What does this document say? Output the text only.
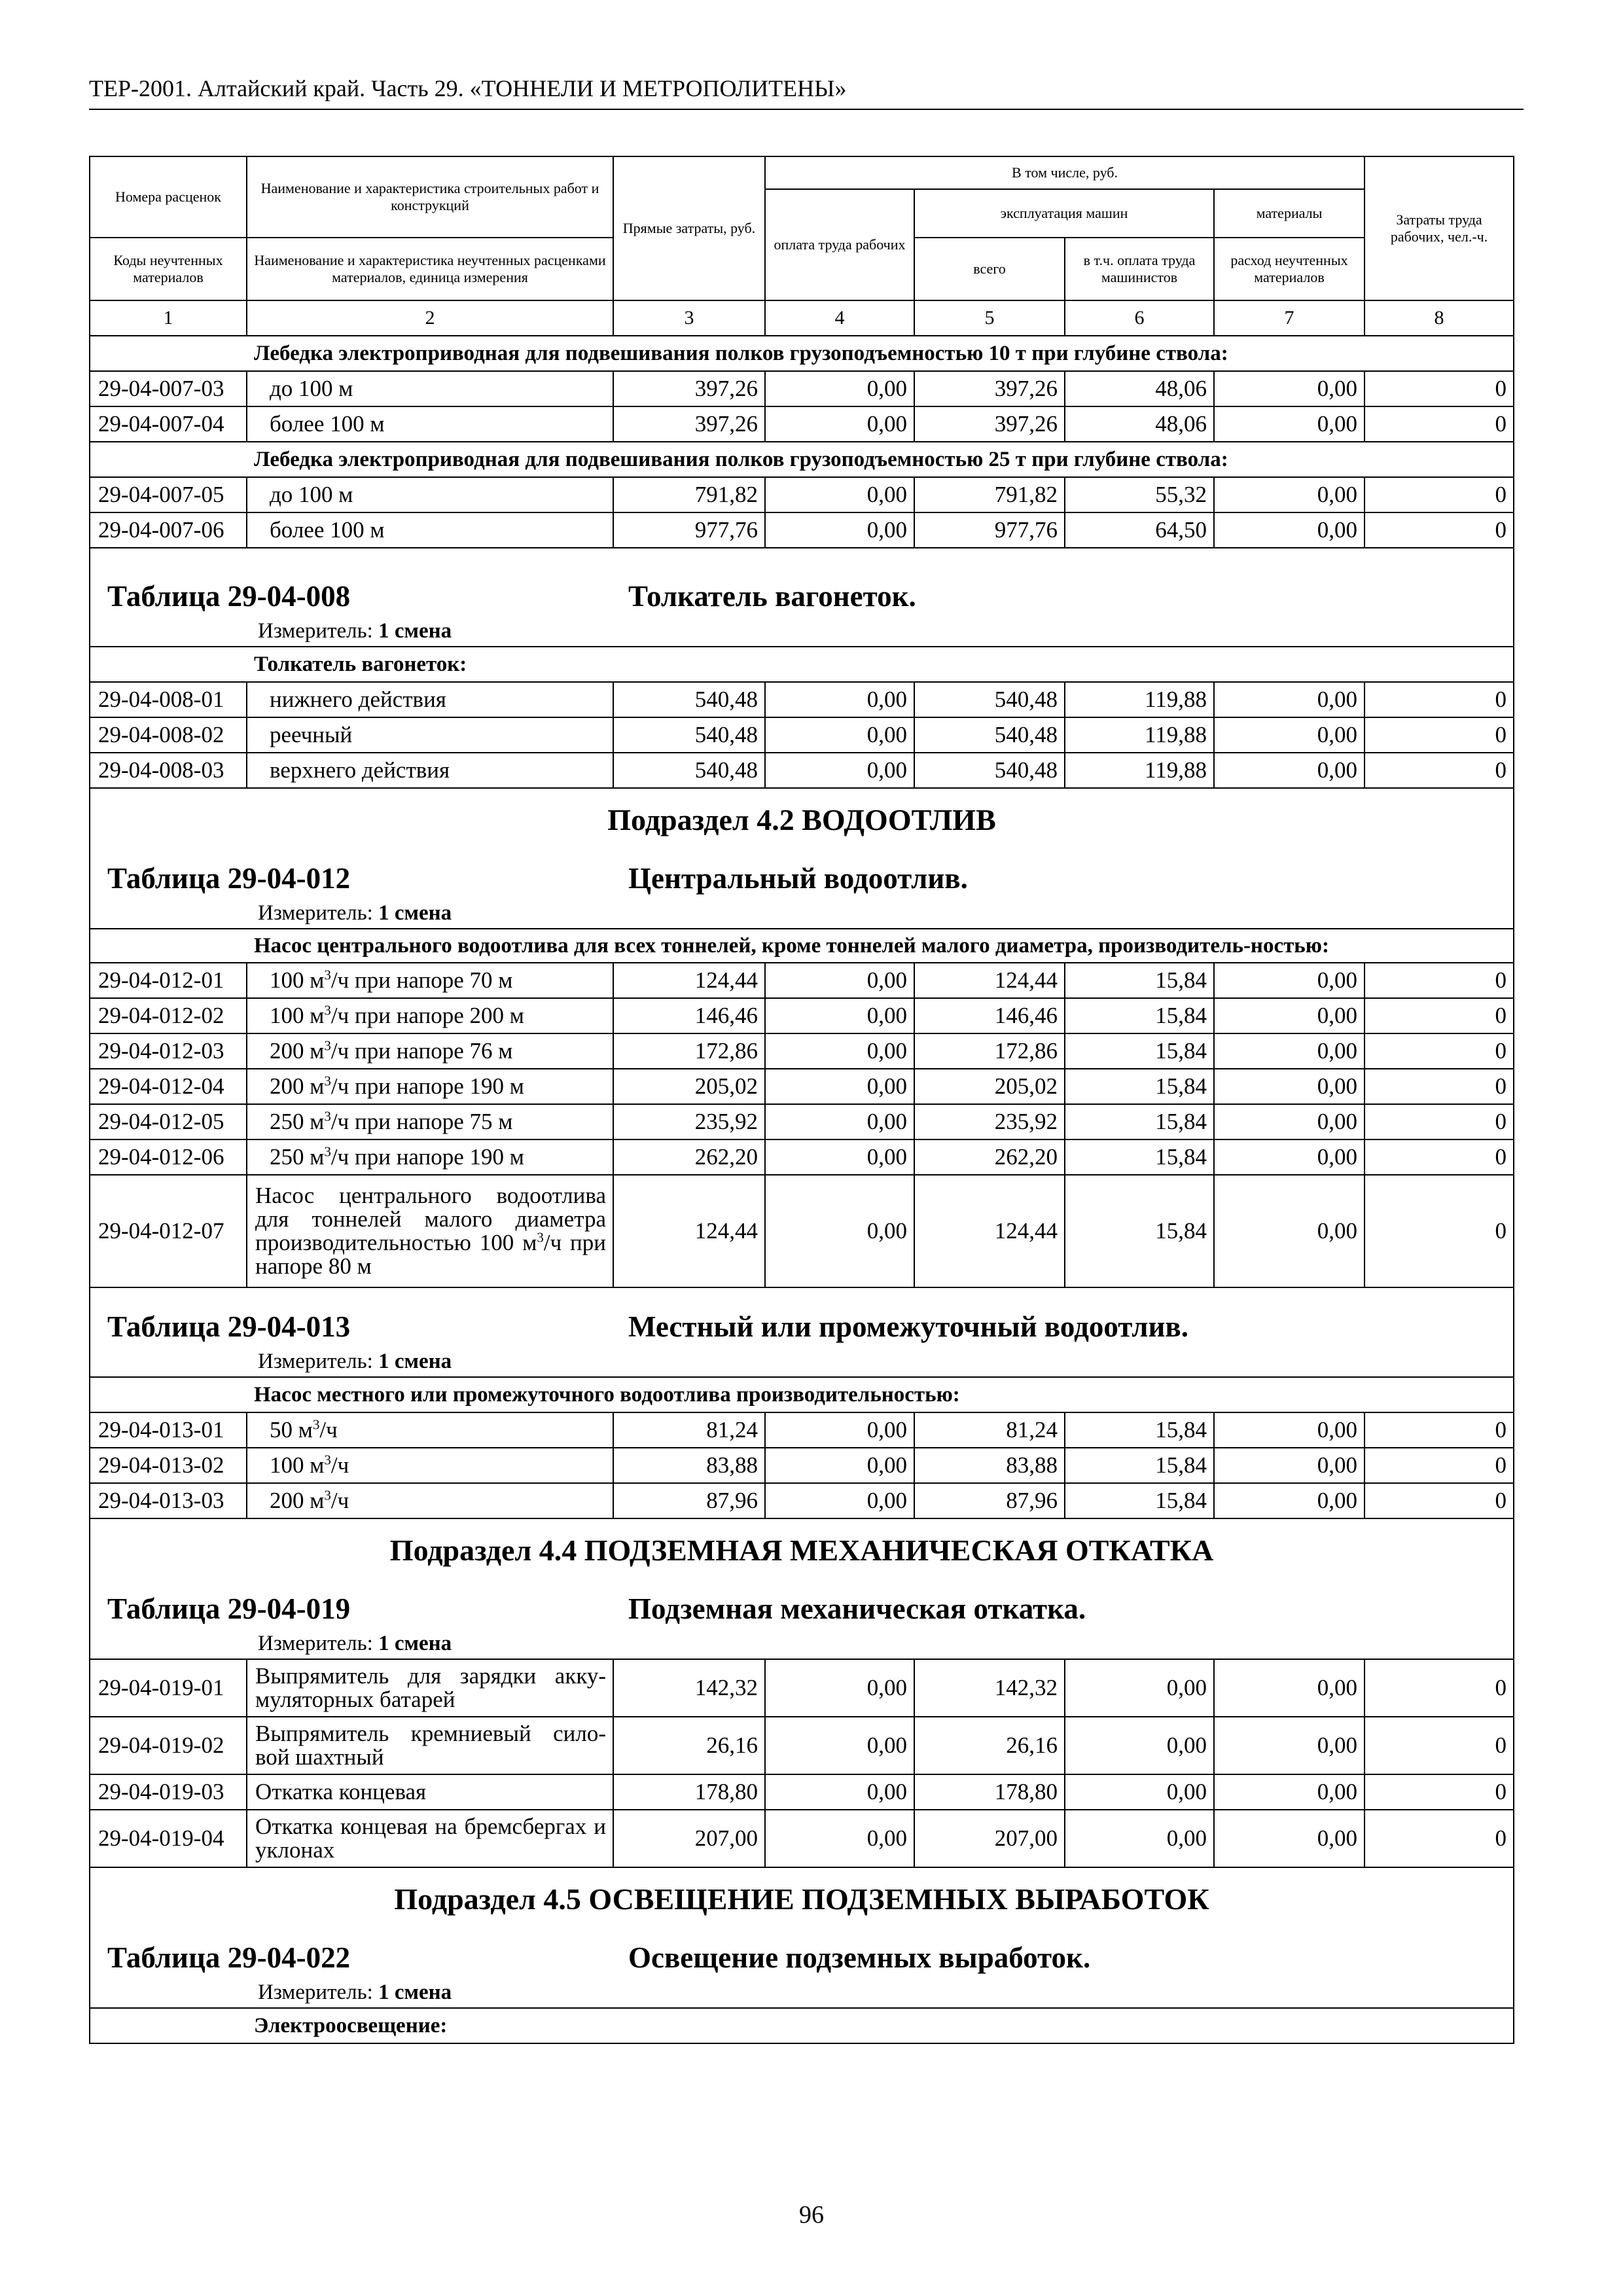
ТЕР-2001. Алтайский край. Часть 29. «ТОННЕЛИ И МЕТРОПОЛИТЕНЫ»
Номера расценок	Наименование и характеристика строительных работ и конструкций	Прямые затраты, руб.	В том числе, руб.				Затраты труда рабочих, чел.-ч.
			оплата труда рабочих	эксплуатация машин		материалы	
Коды неучтенных материалов	Наименование и характеристика неучтенных расценками материалов, единица измерения			всего	в т.ч. оплата труда машинистов	расход неучтенных материалов	
1	2	3	4	5	6	7	8
Лебедка электроприводная для подвешивания полков грузоподъемностью 10 т при глубине ствола:							
29-04-007-03	до 100 м	397,26	0,00	397,26	48,06	0,00	0
29-04-007-04	более 100 м	397,26	0,00	397,26	48,06	0,00	0
Лебедка электроприводная для подвешивания полков грузоподъемностью 25 т при глубине ствола:							
29-04-007-05	до 100 м	791,82	0,00	791,82	55,32	0,00	0
29-04-007-06	более 100 м	977,76	0,00	977,76	64,50	0,00	0
Таблица 29-04-008 Толкатель вагонеток.							
Измеритель: 1 смена							
Толкатель вагонеток:							
29-04-008-01	нижнего действия	540,48	0,00	540,48	119,88	0,00	0
29-04-008-02	реечный	540,48	0,00	540,48	119,88	0,00	0
29-04-008-03	верхнего действия	540,48	0,00	540,48	119,88	0,00	0
Подраздел 4.2 ВОДООТЛИВ							
Таблица 29-04-012 Центральный водоотлив.							
Измеритель: 1 смена							
Насос центрального водоотлива для всех тоннелей, кроме тоннелей малого диаметра, производитель-ностью:							
29-04-012-01	100 $м^3/ч$ при напоре 70 м	124,44	0,00	124,44	15,84	0,00	0
29-04-012-02	100 $м^3/ч$ при напоре 200 м	146,46	0,00	146,46	15,84	0,00	0
29-04-012-03	200 $м^3/ч$ при напоре 76 м	172,86	0,00	172,86	15,84	0,00	0
29-04-012-04	200 $м^3/ч$ при напоре 190 м	205,02	0,00	205,02	15,84	0,00	0
29-04-012-05	250 $м^3/ч$ при напоре 75 м	235,92	0,00	235,92	15,84	0,00	0
29-04-012-06	250 $м^3/ч$ при напоре 190 м	262,20	0,00	262,20	15,84	0,00	0
29-04-012-07	Насос центрального водоотлива для тоннелей малого диаметра производительностью 100 $м^3/ч$ при напоре 80 м	124,44	0,00	124,44	15,84	0,00	0
Таблица 29-04-013 Местный или промежуточный водоотлив.							
Измеритель: 1 смена							
Насос местного или промежуточного водоотлива производительностью:							
29-04-013-01	50 $м^3/ч$	81,24	0,00	81,24	15,84	0,00	0
29-04-013-02	100 $м^3/ч$	83,88	0,00	83,88	15,84	0,00	0
29-04-013-03	200 $м^3/ч$	87,96	0,00	87,96	15,84	0,00	0
Подраздел 4.4 ПОДЗЕМНАЯ МЕХАНИЧЕСКАЯ ОТКАТКА							
Таблица 29-04-019 Подземная механическая откатка.							
Измеритель: 1 смена							
29-04-019-01	Выпрямитель для зарядки акку-муляторных батарей	142,32	0,00	142,32	0,00	0,00	0
29-04-019-02	Выпрямитель кремниевый сило-вой шахтный	26,16	0,00	26,16	0,00	0,00	0
29-04-019-03	Откатка концевая	178,80	0,00	178,80	0,00	0,00	0
29-04-019-04	Откатка концевая на бремсбергах и уклонах	207,00	0,00	207,00	0,00	0,00	0
Подраздел 4.5 ОСВЕЩЕНИЕ ПОДЗЕМНЫХ ВЫРАБОТОК							
Таблица 29-04-022 Освещение подземных выработок.							
Измеритель: 1 смена							
Электроосвещение:							
96
